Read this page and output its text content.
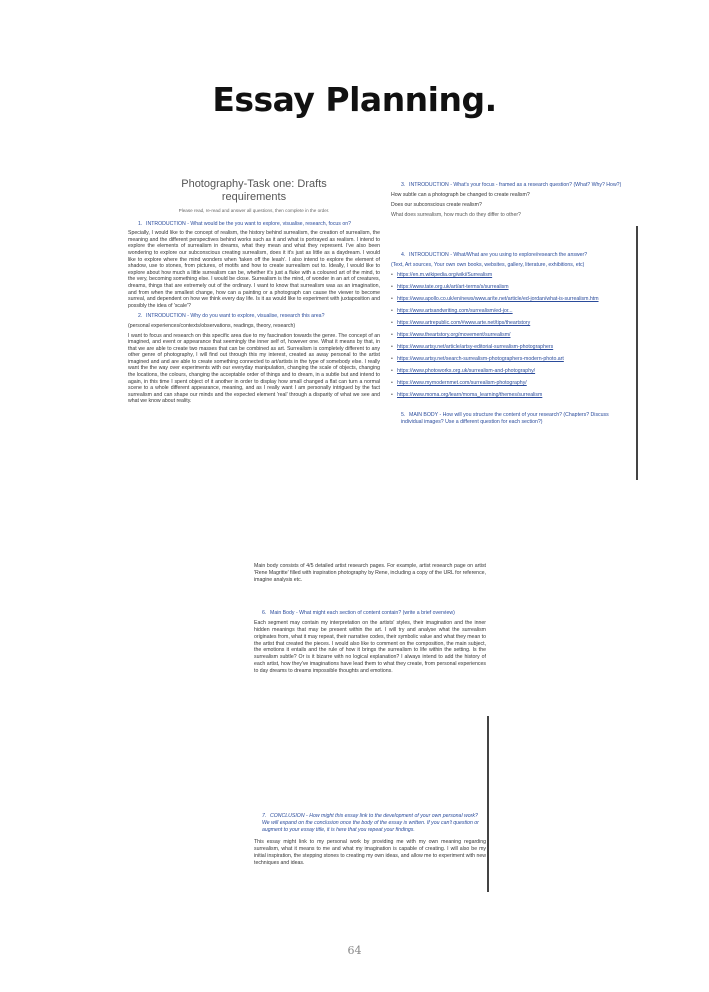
Essay Planning.
Photography-Task one: Drafts
requirements
Please read, re-read and answer all questions, then complete in the order.
1. INTRODUCTION - What would be the you want to explore, visualise, research, focus on?
Specially, I would like to the concept of realism, the history behind surrealism, the creation of surrealism, the meaning and the different perspectives behind works such as it and what is portrayed as realism. I intend to explore the elements of surrealism in dreams, what they mean and what they represent. I've also been wondering to explore our subconscious creating surrealism, does it it's just as little as a daydream. I would like to explore where the mind wonders when 'taken off the leash'. I also intend to explore the element of shadow, use to stones, from pictures, of motifs and how to create surrealism out to. Ideally, I would like to explore about how much a little surrealism can be, whether it's just a fluke with a coloured art of the mind, to the very, becoming something else. I would be close. Surrealism is the mind, of wonder in an art of creatures, dreams, things that are extremely out of the ordinary. I want to know that surrealism was as an imagination, and from when the smallest change, how can a painting or a photograph can cause the viewer to become surreal, and dependent on how we think every day life. Is it as would like to experiment with juxtaposition and possibly the idea of 'scale'?
2. INTRODUCTION - Why do you want to explore, visualise, research this area?
(personal experiences/contexts/observations, readings, theory, research)
I want to focus and research on this specific area due to my fascination towards the genre. The concept of an imagined, and event or appearance that seemingly the inner self of, however one. What it means by that, in that we are able to create two masses that can be combined as art. Surrealism is completely different to any other genre of photography, I will find out through this my interest, created as away personal to the artist imagined and and are able to create something connected to art/artists in the type of somebody else. I really want the the way over experiments with our everyday manipulation, changing the scale of objects, changing the locations, the colours, changing the acceptable order of things and to dream, in a subtle but and intend to again, in this time I spent object of it another in order to display how small changed a flat can turn a normal scene to a whole different appearance, meaning, and as I really want I am personally intrigued by the fact surrealism and can shape our minds and the expected element 'real' through a disparity of what we see and what we know about reality.
3. INTRODUCTION - What's your focus - framed as a research question? (What? Why? How?)
How subtle can a photograph be changed to create realism?
Does our subconscious create realism?
What does surrealism, how much do they differ to other?
4. INTRODUCTION - What/What are you using to explore/research the answer?
(Text, Art sources, Your own own books, websites, gallery, literature, exhibitions, etc)
• https://en.m.wikipedia.org/wiki/Surrealism
• https://www.tate.org.uk/art/art-terms/s/surrealism
• https://www.apollo.co.uk/en/news/www.ar/te.net/article/ed-jordan/what-is-surrealism.htm
• https://www.artsandwriting.com/surrealism/ed-jor...
• https://www.artrepublic.com/#www.arte.net/tips/theartstory
• https://www.theartstory.org/movement/surrealism/
• https://www.artsy.net/article/artsy-editorial-surrealism-photographers
• https://www.artsy.net/search-surrealism-photographers-modern-photo.art
• https://www.photoworks.org.uk/surrealism-and-photography/
• https://www.mymodernmet.com/surrealism-photography/
• https://www.moma.org/learn/moma_learning/themes/surrealism
5. MAIN BODY - How will you structure the content of your research? (Chapters? Discuss individual images? Use a different question for each section?)
Main body consists of 4/5 detailed artist research pages. For example, artist research page on artist 'Rene Magritte' filled with inspiration photography by Rene, including a copy of the URL for reference, imagine analysis etc.
6. Main Body - What might each section of content contain? (write a brief overview)
Each segment may contain my interpretation on the artists' styles, their imagination and the inner hidden meanings that may be present within the art. I will try and analyse what the surrealism originates from, what it may repeat, their narrative codes, their symbolic value and what they mean to the artist that created the pieces. I would also like to comment on the composition, the main subject, the emotions it entails and the rule of how it brings the surrealism to life within the setting. Is the surrealism subtle? Or is it bizarre with no logical explanation? I always intend to add the history of each artist, how they've imaginations have lead them to what they create, from personal experiences to day dreams to dreams impossible thoughts and emotions.
7. CONCLUSION - How might this essay link to the development of your own personal work? We will expand on the conclusion once the body of the essay is written. If you can't question or augment to your essay title, it is here that you repeat your findings.
This essay might link to my personal work by providing me with my own meaning regarding surrealism, what it means to me and what my imagination is capable of creating. I will also be my initial inspiration, the stepping stones to creating my own ideas, and allow me to experiment with new techniques and ideas.
64
